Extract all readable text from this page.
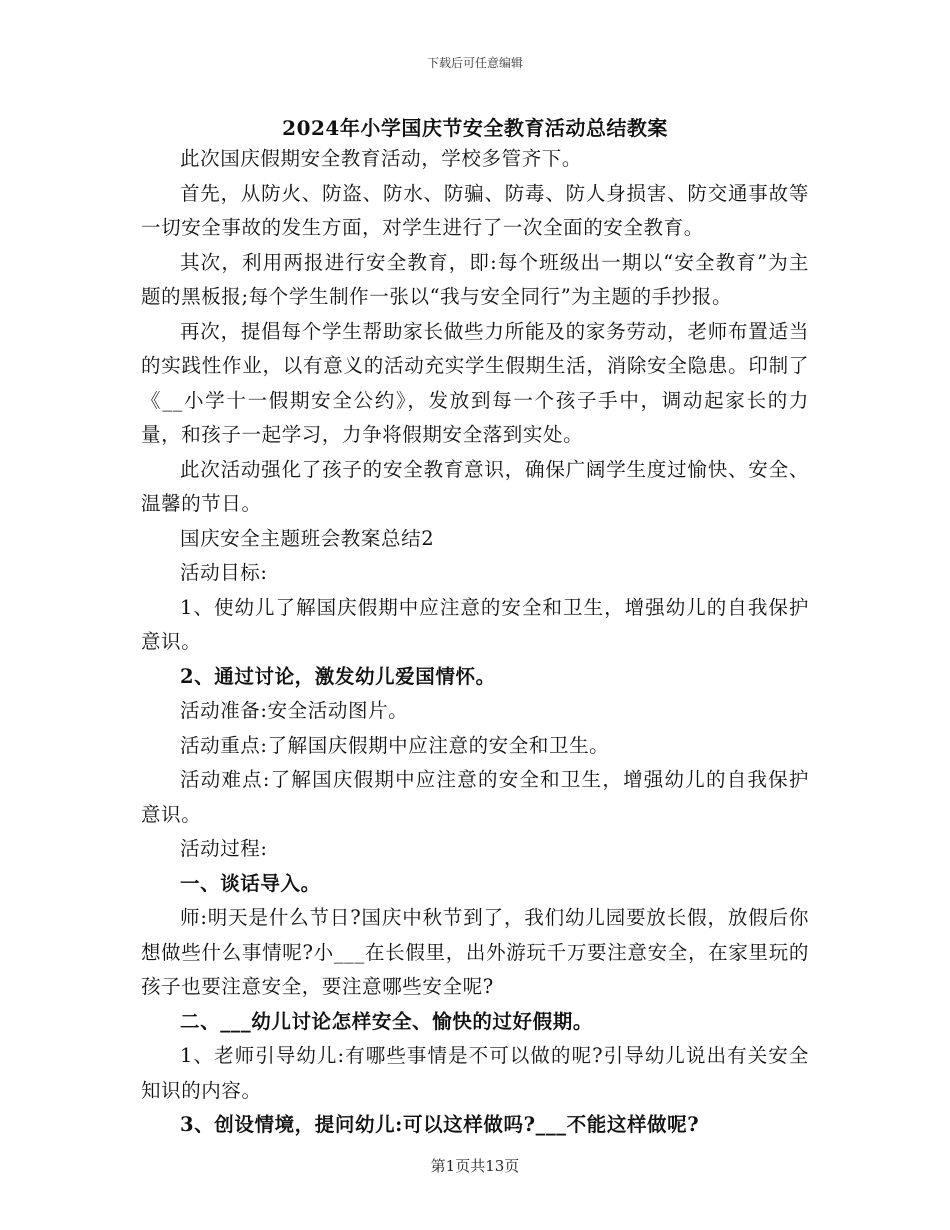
下载后可任意编辑
2024年小学国庆节安全教育活动总结教案

此次国庆假期安全教育活动，学校多管齐下。

首先，从防火、防盗、防水、防骗、防毒、防人身损害、防交通事故等一切安全事故的发生方面，对学生进行了一次全面的安全教育。

其次，利用两报进行安全教育，即:每个班级出一期以“安全教育”为主题的黑板报;每个学生制作一张以“我与安全同行”为主题的手抄报。

再次，提倡每个学生帮助家长做些力所能及的家务劳动，老师布置适当的实践性作业，以有意义的活动充实学生假期生活，消除安全隐患。印制了《__小学十一假期安全公约》，发放到每一个孩子手中，调动起家长的力量，和孩子一起学习，力争将假期安全落到实处。

此次活动强化了孩子的安全教育意识，确保广阔学生度过愉快、安全、温馨的节日。

国庆安全主题班会教案总结2

活动目标:

1、使幼儿了解国庆假期中应注意的安全和卫生，增强幼儿的自我保护意识。

2、通过讨论，激发幼儿爱国情怀。

活动准备:安全活动图片。

活动重点:了解国庆假期中应注意的安全和卫生。

活动难点:了解国庆假期中应注意的安全和卫生，增强幼儿的自我保护意识。

活动过程:

一、谈话导入。

师:明天是什么节日?国庆中秋节到了，我们幼儿园要放长假，放假后你想做些什么事情呢?小___在长假里，出外游玩千万要注意安全，在家里玩的孩子也要注意安全，要注意哪些安全呢?

二、___幼儿讨论怎样安全、愉快的过好假期。

1、老师引导幼儿:有哪些事情是不可以做的呢?引导幼儿说出有关安全知识的内容。

3、创设情境，提问幼儿:可以这样做吗?___不能这样做呢?

第1页共13页
